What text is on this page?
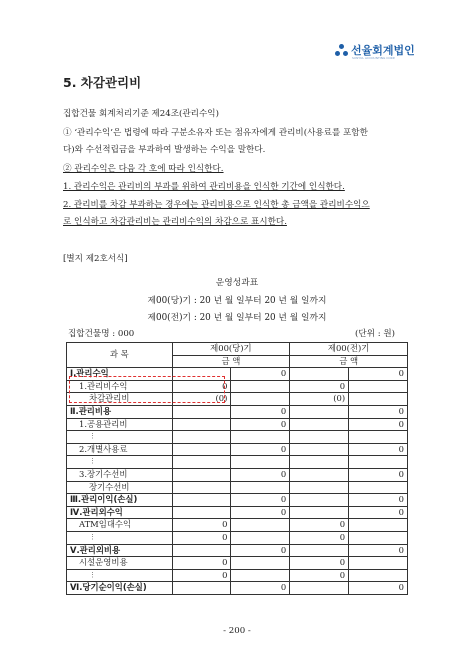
선율 회계법인
SUNYUL ACCOUNTING CORP.
5. 차감관리비
집합건물 회계처리기준 제24조(관리수익)
① ‘관리수익’은 법령에 따라 구분소유자 또는 점유자에게 관리비(사용료를 포함한
다)와 수선적립금을 부과하여 발생하는 수익을 말한다.
② 관리수익은 다음 각 호에 따라 인식한다.
1. 관리수익은 관리비의 부과를 위하여 관리비용을 인식한 기간에 인식한다.
2. 관리비를 차감 부과하는 경우에는 관리비용으로 인식한 총 금액을 관리비수익으
로 인식하고 차감관리비는 관리비수익의 차감으로 표시한다.
[별지 제2호서식]
운영성과표
제00(당)기 : 20 년 월 일부터 20 년 월 일까지
제00(전)기 : 20 년 월 일부터 20 년 월 일까지
집합건물명 : 000	(단위 : 원)
과 목	제00(당)기		제00(전)기	
	금 액		금 액	
Ⅰ.관리수익		0		0
1.관리비수익	0		0	
차감관리비	(0)		(0)	
Ⅱ.관리비용		0		0
1.공용관리비		0		0
⋮				
2.개별사용료		0		0
⋮				
3.장기수선비		0		0
장기수선비				
Ⅲ.관리이익(손실)		0		0
Ⅳ.관리외수익		0		0
ATM임대수익	0		0	
⋮	0		0	
Ⅴ.관리외비용		0		0
시설운영비용	0		0	
⋮	0		0	
Ⅵ.당기순이익(손실)		0		0
- 200 -
